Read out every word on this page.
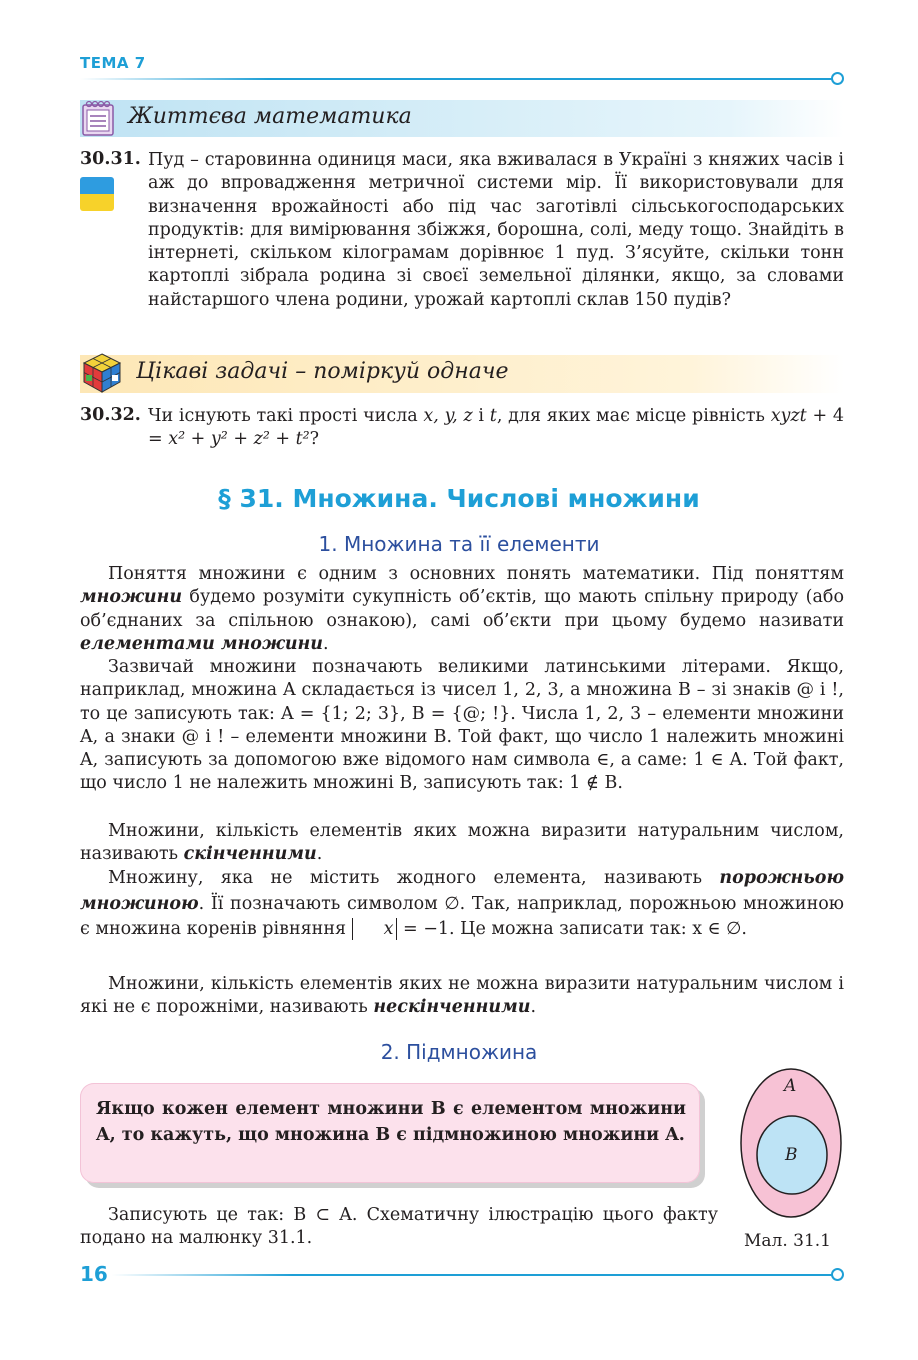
ТЕМА 7
Життєва математика
30.31. Пуд – старовинна одиниця маси, яка вживалася в Україні з княжих часів і аж до впровадження метричної системи мір. Її використовували для визначення врожайності або під час заготівлі сільськогосподарських продуктів: для вимірювання збіжжя, борошна, солі, меду тощо. Знайдіть в інтернеті, скільком кілограмам дорівнює 1 пуд. З’ясуйте, скільки тонн картоплі зібрала родина зі своєї земельної ділянки, якщо, за словами найстаршого члена родини, урожай картоплі склав 150 пудів?
Цікаві задачі – поміркуй одначе
30.32. Чи існують такі прості числа x, y, z і t, для яких має місце рівність xyzt + 4 = x² + y² + z² + t²?
§ 31. Множина. Числові множини
1. Множина та її елементи
Поняття множини є одним з основних понять математики. Під поняттям множини будемо розуміти сукупність об’єктів, що мають спільну природу (або об’єднаних за спільною ознакою), самі об’єкти при цьому будемо називати елементами множини.
Зазвичай множини позначають великими латинськими літерами. Якщо, наприклад, множина A складається із чисел 1, 2, 3, а множина B – зі знаків @ і !, то це записують так: A = {1; 2; 3}, B = {@; !}. Числа 1, 2, 3 – елементи множини A, а знаки @ і ! – елементи множини B. Той факт, що число 1 належить множині A, записують за допомогою вже відомого нам символа ∈, а саме: 1 ∈ A. Той факт, що число 1 не належить множині B, записують так: 1 ∉ B.
Множини, кількість елементів яких можна виразити натуральним числом, називають скінченними.
Множину, яка не містить жодного елемента, називають порожньою множиною. Її позначають символом ∅. Так, наприклад, порожньою множиною є множина коренів рівняння x = −1. Це можна записати так: x ∈ ∅.
Множини, кількість елементів яких не можна виразити натуральним числом і які не є порожніми, називають нескінченними.
2. Підмножина
Якщо кожен елемент множини B є елементом множини A, то кажуть, що множина B є підмножиною множини A.
A
B
Записують це так: B ⊂ A. Схематичну ілюстрацію цього факту подано на малюнку 31.1.	Мал. 31.1
16
